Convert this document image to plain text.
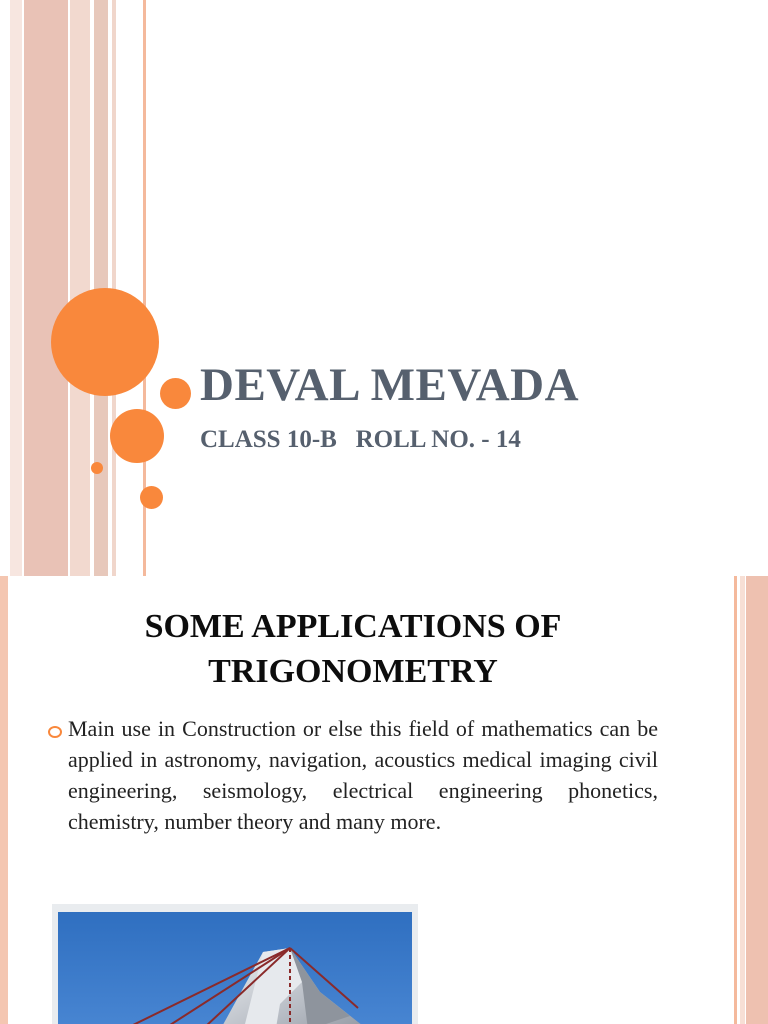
DEVAL MEVADA
CLASS 10-B   ROLL NO. - 14
SOME APPLICATIONS OF TRIGONOMETRY
Main use in Construction or else this field of mathematics can be applied in astronomy, navigation, acoustics medical imaging civil engineering, seismology, electrical engineering phonetics, chemistry, number theory and many more.
